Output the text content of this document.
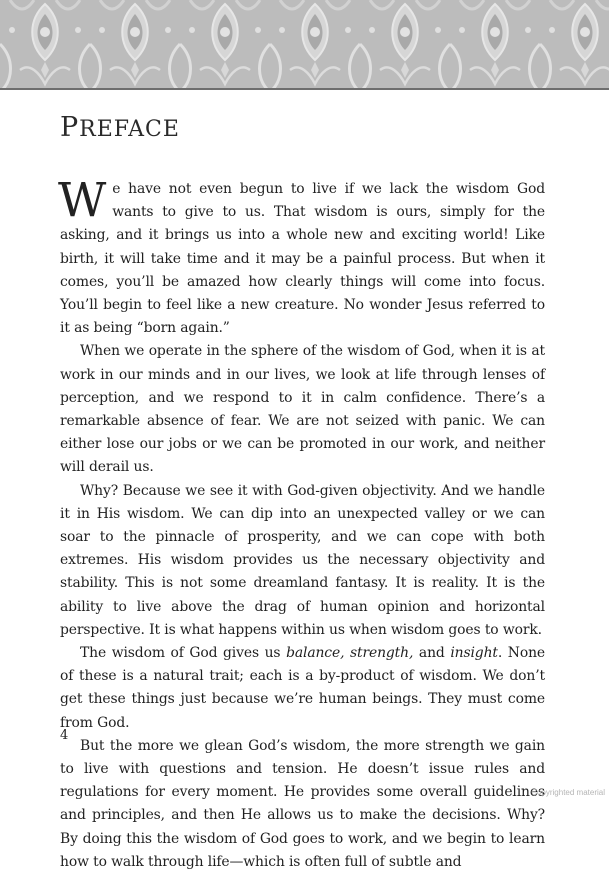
PREFACE

We have not even begun to live if we lack the wisdom God wants to give to us. That wisdom is ours, simply for the asking, and it brings us into a whole new and exciting world! Like birth, it will take time and it may be a painful process. But when it comes, you’ll be amazed how clearly things will come into focus. You’ll begin to feel like a new creature. No wonder Jesus referred to it as being “born again.”

When we operate in the sphere of the wisdom of God, when it is at work in our minds and in our lives, we look at life through lenses of perception, and we respond to it in calm confidence. There’s a remarkable absence of fear. We are not seized with panic. We can either lose our jobs or we can be promoted in our work, and neither will derail us.

Why? Because we see it with God-given objectivity. And we handle it in His wisdom. We can dip into an unexpected valley or we can soar to the pinnacle of prosperity, and we can cope with both extremes. His wisdom provides us the necessary objectivity and stability. This is not some dreamland fantasy. It is reality. It is the ability to live above the drag of human opinion and horizontal perspective. It is what happens within us when wisdom goes to work.

The wisdom of God gives us balance, strength, and insight. None of these is a natural trait; each is a by-product of wisdom. We don’t get these things just because we’re human beings. They must come from God.

But the more we glean God’s wisdom, the more strength we gain to live with questions and tension. He doesn’t issue rules and regulations for every moment. He provides some overall guidelines and principles, and then He allows us to make the decisions. Why? By doing this the wisdom of God goes to work, and we begin to learn how to walk through life—which is often full of subtle and

4
Copyrighted material
